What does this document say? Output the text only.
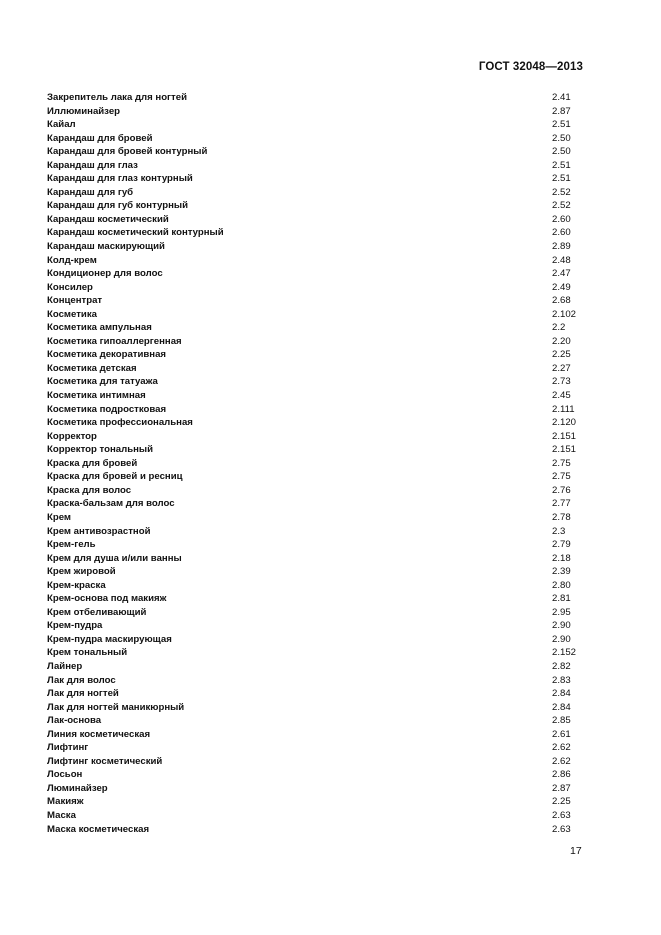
ГОСТ 32048—2013
Закрепитель лака для ногтей	2.41
Иллюминайзер	2.87
Кайал	2.51
Карандаш для бровей	2.50
Карандаш для бровей контурный	2.50
Карандаш для глаз	2.51
Карандаш для глаз контурный	2.51
Карандаш для губ	2.52
Карандаш для губ контурный	2.52
Карандаш косметический	2.60
Карандаш косметический контурный	2.60
Карандаш маскирующий	2.89
Колд-крем	2.48
Кондиционер для волос	2.47
Консилер	2.49
Концентрат	2.68
Косметика	2.102
Косметика ампульная	2.2
Косметика гипоаллергенная	2.20
Косметика декоративная	2.25
Косметика детская	2.27
Косметика для татуажа	2.73
Косметика интимная	2.45
Косметика подростковая	2.111
Косметика профессиональная	2.120
Корректор	2.151
Корректор тональный	2.151
Краска для бровей	2.75
Краска для бровей и ресниц	2.75
Краска для волос	2.76
Краска-бальзам для волос	2.77
Крем	2.78
Крем антивозрастной	2.3
Крем-гель	2.79
Крем для душа и/или ванны	2.18
Крем жировой	2.39
Крем-краска	2.80
Крем-основа под макияж	2.81
Крем отбеливающий	2.95
Крем-пудра	2.90
Крем-пудра маскирующая	2.90
Крем тональный	2.152
Лайнер	2.82
Лак для волос	2.83
Лак для ногтей	2.84
Лак для ногтей маникюрный	2.84
Лак-основа	2.85
Линия косметическая	2.61
Лифтинг	2.62
Лифтинг косметический	2.62
Лосьон	2.86
Люминайзер	2.87
Макияж	2.25
Маска	2.63
Маска косметическая	2.63
17
